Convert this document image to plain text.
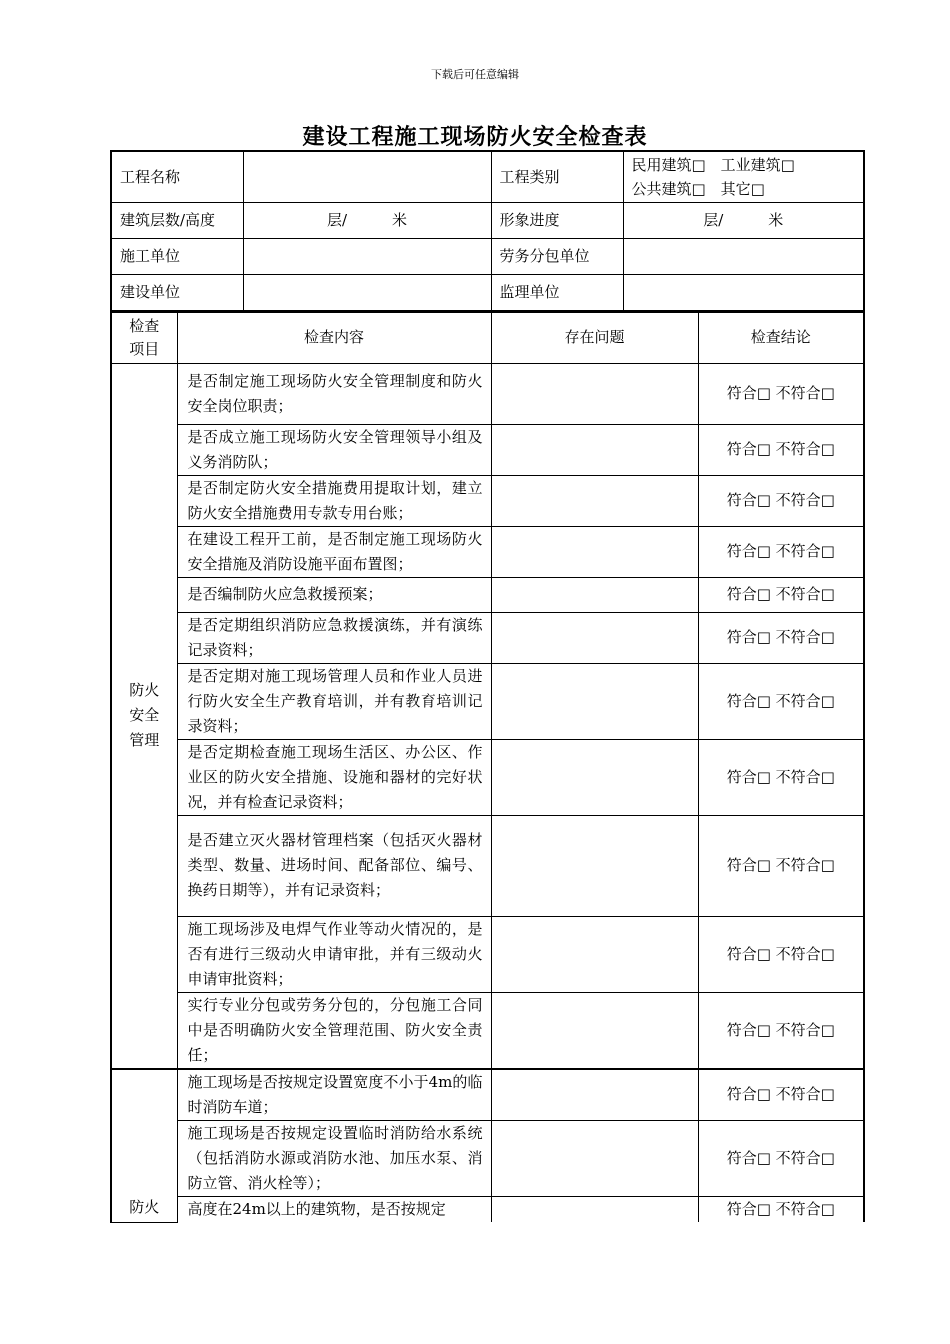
下载后可任意编辑
建设工程施工现场防火安全检查表
工程名称		工程类别	民用建筑□　工业建筑□
公共建筑□　其它□

建筑层数/高度	层/　　　米	形象进度	层/　　　米
施工单位		劳务分包单位	
建设单位		监理单位	
检查
项目	检查内容	存在问题	检查结论

防火
安全
管理	是否制定施工现场防火安全管理制度和防火安全岗位职责；		符合□ 不符合□
	是否成立施工现场防火安全管理领导小组及义务消防队；		符合□ 不符合□
	是否制定防火安全措施费用提取计划，建立防火安全措施费用专款专用台账；		符合□ 不符合□
	在建设工程开工前，是否制定施工现场防火安全措施及消防设施平面布置图；		符合□ 不符合□
	是否编制防火应急救援预案；		符合□ 不符合□
	是否定期组织消防应急救援演练，并有演练记录资料；		符合□ 不符合□
	是否定期对施工现场管理人员和作业人员进行防火安全生产教育培训，并有教育培训记录资料；		符合□ 不符合□
	是否定期检查施工现场生活区、办公区、作业区的防火安全措施、设施和器材的完好状况，并有检查记录资料；		符合□ 不符合□
	是否建立灭火器材管理档案（包括灭火器材类型、数量、进场时间、配备部位、编号、换药日期等），并有记录资料；		符合□ 不符合□
	施工现场涉及电焊气作业等动火情况的，是否有进行三级动火申请审批，并有三级动火申请审批资料；		符合□ 不符合□
	实行专业分包或劳务分包的，分包施工合同中是否明确防火安全管理范围、防火安全责任；		符合□ 不符合□
防火	施工现场是否按规定设置宽度不小于4m的临时消防车道；		符合□ 不符合□
	施工现场是否按规定设置临时消防给水系统（包括消防水源或消防水池、加压水泵、消防立管、消火栓等）；		符合□ 不符合□
	高度在24m以上的建筑物，是否按规定		符合□ 不符合□
